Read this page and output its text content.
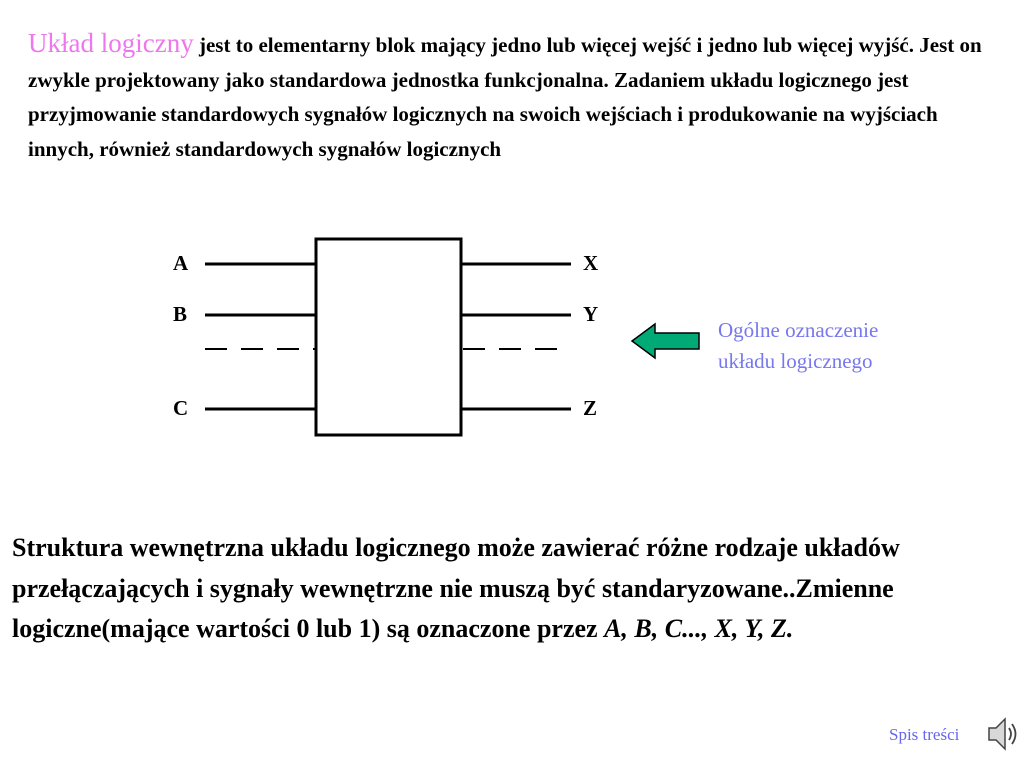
Układ logiczny jest to elementarny blok mający jedno lub więcej wejść i jedno lub więcej wyjść. Jest on zwykle projektowany jako standardowa jednostka funkcjonalna. Zadaniem układu logicznego jest przyjmowanie standardowych sygnałów logicznych na swoich wejściach i produkowanie na wyjściach innych, również standardowych sygnałów logicznych

A
B
C
X
Y
Z
Ogólne oznaczenie
układu logicznego

Struktura wewnętrzna układu logicznego może zawierać różne rodzaje układów przełączających i sygnały wewnętrzne nie muszą być standaryzowane..Zmienne logiczne(mające wartości 0 lub 1) są oznaczone przez A, B, C..., X, Y, Z.

Spis treści
